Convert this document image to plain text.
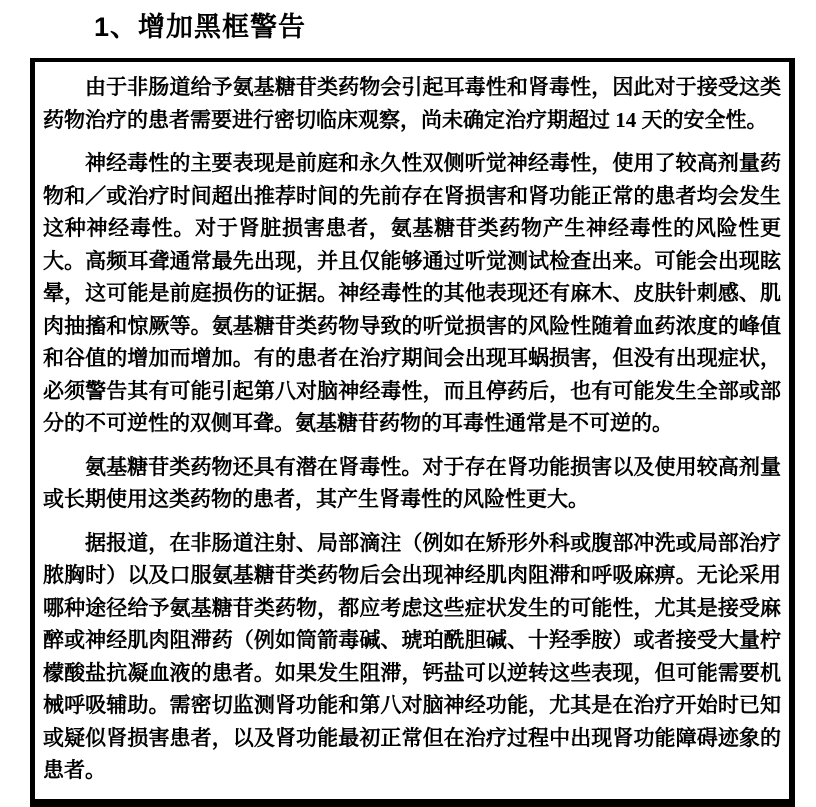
1、增加黑框警告

由于非肠道给予氨基糖苷类药物会引起耳毒性和肾毒性，因此对于接受这类药物治疗的患者需要进行密切临床观察，尚未确定治疗期超过 14 天的安全性。

神经毒性的主要表现是前庭和永久性双侧听觉神经毒性，使用了较高剂量药物和／或治疗时间超出推荐时间的先前存在肾损害和肾功能正常的患者均会发生这种神经毒性。对于肾脏损害患者，氨基糖苷类药物产生神经毒性的风险性更大。高频耳聋通常最先出现，并且仅能够通过听觉测试检查出来。可能会出现眩晕，这可能是前庭损伤的证据。神经毒性的其他表现还有麻木、皮肤针刺感、肌肉抽搐和惊厥等。氨基糖苷类药物导致的听觉损害的风险性随着血药浓度的峰值和谷值的增加而增加。有的患者在治疗期间会出现耳蜗损害，但没有出现症状，必须警告其有可能引起第八对脑神经毒性，而且停药后，也有可能发生全部或部分的不可逆性的双侧耳聋。氨基糖苷药物的耳毒性通常是不可逆的。

氨基糖苷类药物还具有潜在肾毒性。对于存在肾功能损害以及使用较高剂量或长期使用这类药物的患者，其产生肾毒性的风险性更大。

据报道，在非肠道注射、局部滴注（例如在矫形外科或腹部冲洗或局部治疗脓胸时）以及口服氨基糖苷类药物后会出现神经肌肉阻滞和呼吸麻痹。无论采用哪种途径给予氨基糖苷类药物，都应考虑这些症状发生的可能性，尤其是接受麻醉或神经肌肉阻滞药（例如筒箭毒碱、琥珀酰胆碱、十羟季胺）或者接受大量柠檬酸盐抗凝血液的患者。如果发生阻滞，钙盐可以逆转这些表现，但可能需要机械呼吸辅助。需密切监测肾功能和第八对脑神经功能，尤其是在治疗开始时已知或疑似肾损害患者，以及肾功能最初正常但在治疗过程中出现肾功能障碍迹象的患者。
